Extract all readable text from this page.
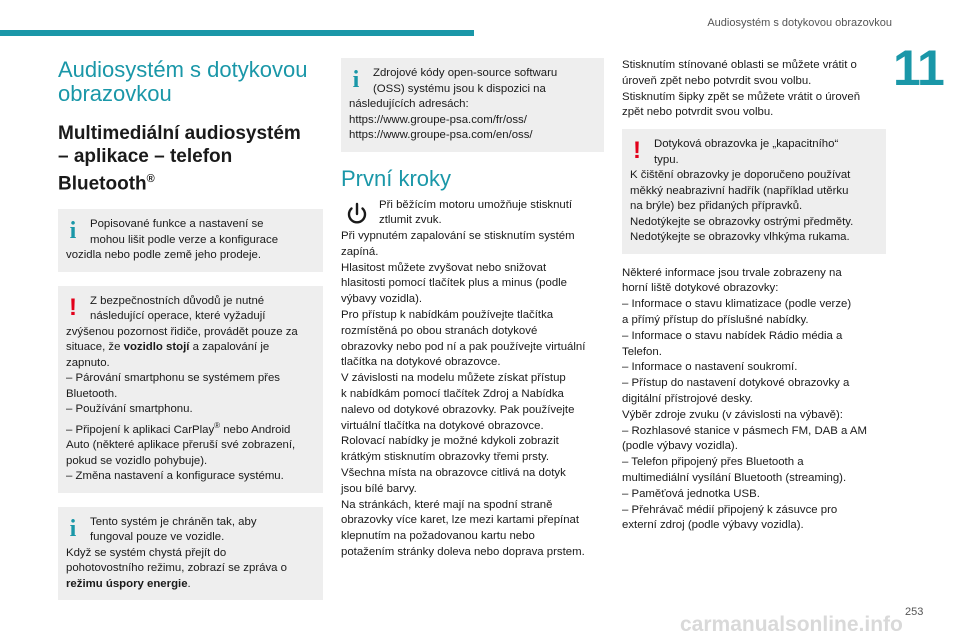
Audiosystém s dotykovou obrazovkou
11
Audiosystém s dotykovou
obrazovkou
Multimediální audiosystém
– aplikace – telefon
Bluetooth®
i	Popisované funkce a nastavení se
mohou lišit podle verze a konfigurace
vozidla nebo podle země jeho prodeje.
!	Z bezpečnostních důvodů je nutné
následující operace, které vyžadují
zvýšenou pozornost řidiče, provádět pouze za
situace, že vozidlo stojí a zapalování je
zapnuto.
– Párování smartphonu se systémem přes
Bluetooth.
– Používání smartphonu.
– Připojení k aplikaci CarPlay® nebo Android
Auto (některé aplikace přeruší své zobrazení,
pokud se vozidlo pohybuje).
– Změna nastavení a konfigurace systému.
i	Tento systém je chráněn tak, aby
fungoval pouze ve vozidle.
Když se systém chystá přejít do
pohotovostního režimu, zobrazí se zpráva o
režimu úspory energie.
i	Zdrojové kódy open-source softwaru
(OSS) systému jsou k dispozici na
následujících adresách:
https://www.groupe-psa.com/fr/oss/
https://www.groupe-psa.com/en/oss/
První kroky

Při běžícím motoru umožňuje stisknutí
ztlumit zvuk.

Při vypnutém zapalování se stisknutím systém
zapíná.
Hlasitost můžete zvyšovat nebo snižovat
hlasitosti pomocí tlačítek plus a minus (podle
výbavy vozidla).
Pro přístup k nabídkám používejte tlačítka
rozmístěná po obou stranách dotykové
obrazovky nebo pod ní a pak používejte virtuální
tlačítka na dotykové obrazovce.
V závislosti na modelu můžete získat přístup
k nabídkám pomocí tlačítek Zdroj a Nabídka
nalevo od dotykové obrazovky. Pak používejte
virtuální tlačítka na dotykové obrazovce.
Rolovací nabídky je možné kdykoli zobrazit
krátkým stisknutím obrazovky třemi prsty.
Všechna místa na obrazovce citlivá na dotyk
jsou bílé barvy.
Na stránkách, které mají na spodní straně
obrazovky více karet, lze mezi kartami přepínat
klepnutím na požadovanou kartu nebo
potažením stránky doleva nebo doprava prstem.

Stisknutím stínované oblasti se můžete vrátit o
úroveň zpět nebo potvrdit svou volbu.
Stisknutím šipky zpět se můžete vrátit o úroveň
zpět nebo potvrdit svou volbu.

!	Dotyková obrazovka je „kapacitního“
typu.
K čištění obrazovky je doporučeno používat
měkký neabrazivní hadřík (například utěrku
na brýle) bez přidaných přípravků.
Nedotýkejte se obrazovky ostrými předměty.
Nedotýkejte se obrazovky vlhkýma rukama.

Některé informace jsou trvale zobrazeny na
horní liště dotykové obrazovky:
– Informace o stavu klimatizace (podle verze)
a přímý přístup do příslušné nabídky.
– Informace o stavu nabídek Rádio média a
Telefon.
– Informace o nastavení soukromí.
– Přístup do nastavení dotykové obrazovky a
digitální přístrojové desky.
Výběr zdroje zvuku (v závislosti na výbavě):
– Rozhlasové stanice v pásmech FM, DAB a AM
(podle výbavy vozidla).
– Telefon připojený přes Bluetooth a
multimediální vysílání Bluetooth (streaming).
– Paměťová jednotka USB.
– Přehrávač médií připojený k zásuvce pro
externí zdroj (podle výbavy vozidla).

carmanualsonline.info
253
